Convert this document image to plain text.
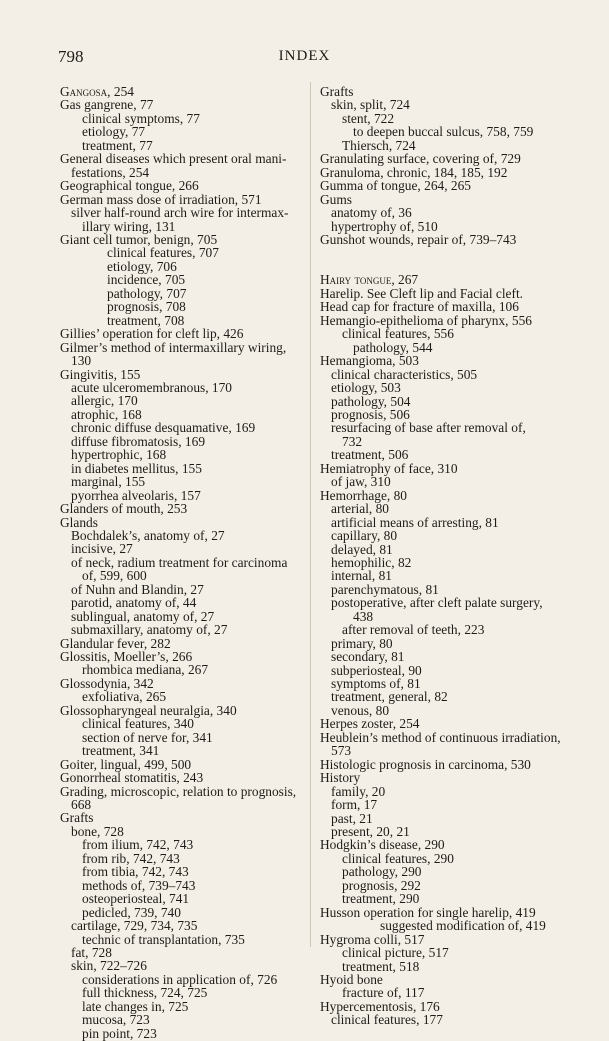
798	INDEX
Gangosa, 254
Gas gangrene, 77
clinical symptoms, 77
etiology, 77
treatment, 77
General diseases which present oral mani-
festations, 254
Geographical tongue, 266
German mass dose of irradiation, 571
silver half-round arch wire for intermax-
illary wiring, 131
Giant cell tumor, benign, 705
clinical features, 707
etiology, 706
incidence, 705
pathology, 707
prognosis, 708
treatment, 708
Gillies’ operation for cleft lip, 426
Gilmer’s method of intermaxillary wiring,
130
Gingivitis, 155
acute ulceromembranous, 170
allergic, 170
atrophic, 168
chronic diffuse desquamative, 169
diffuse fibromatosis, 169
hypertrophic, 168
in diabetes mellitus, 155
marginal, 155
pyorrhea alveolaris, 157
Glanders of mouth, 253
Glands
Bochdalek’s, anatomy of, 27
incisive, 27
of neck, radium treatment for carcinoma
of, 599, 600
of Nuhn and Blandin, 27
parotid, anatomy of, 44
sublingual, anatomy of, 27
submaxillary, anatomy of, 27
Glandular fever, 282
Glossitis, Moeller’s, 266
rhombica mediana, 267
Glossodynia, 342
exfoliativa, 265
Glossopharyngeal neuralgia, 340
clinical features, 340
section of nerve for, 341
treatment, 341
Goiter, lingual, 499, 500
Gonorrheal stomatitis, 243
Grading, microscopic, relation to prognosis,
668
Grafts
bone, 728
from ilium, 742, 743
from rib, 742, 743
from tibia, 742, 743
methods of, 739–743
osteoperiosteal, 741
pedicled, 739, 740
cartilage, 729, 734, 735
technic of transplantation, 735
fat, 728
skin, 722–726
considerations in application of, 726
full thickness, 724, 725
late changes in, 725
mucosa, 723
pin point, 723
Grafts
skin, split, 724
stent, 722
to deepen buccal sulcus, 758, 759
Thiersch, 724
Granulating surface, covering of, 729
Granuloma, chronic, 184, 185, 192
Gumma of tongue, 264, 265
Gums
anatomy of, 36
hypertrophy of, 510
Gunshot wounds, repair of, 739–743
Hairy tongue, 267
Harelip. See Cleft lip and Facial cleft.
Head cap for fracture of maxilla, 106
Hemangio-epithelioma of pharynx, 556
clinical features, 556
pathology, 544
Hemangioma, 503
clinical characteristics, 505
etiology, 503
pathology, 504
prognosis, 506
resurfacing of base after removal of,
732
treatment, 506
Hemiatrophy of face, 310
of jaw, 310
Hemorrhage, 80
arterial, 80
artificial means of arresting, 81
capillary, 80
delayed, 81
hemophilic, 82
internal, 81
parenchymatous, 81
postoperative, after cleft palate surgery,
438
after removal of teeth, 223
primary, 80
secondary, 81
subperiosteal, 90
symptoms of, 81
treatment, general, 82
venous, 80
Herpes zoster, 254
Heublein’s method of continuous irradiation,
573
Histologic prognosis in carcinoma, 530
History
family, 20
form, 17
past, 21
present, 20, 21
Hodgkin’s disease, 290
clinical features, 290
pathology, 290
prognosis, 292
treatment, 290
Husson operation for single harelip, 419
suggested modification of, 419
Hygroma colli, 517
clinical picture, 517
treatment, 518
Hyoid bone
fracture of, 117
Hypercementosis, 176
clinical features, 177
